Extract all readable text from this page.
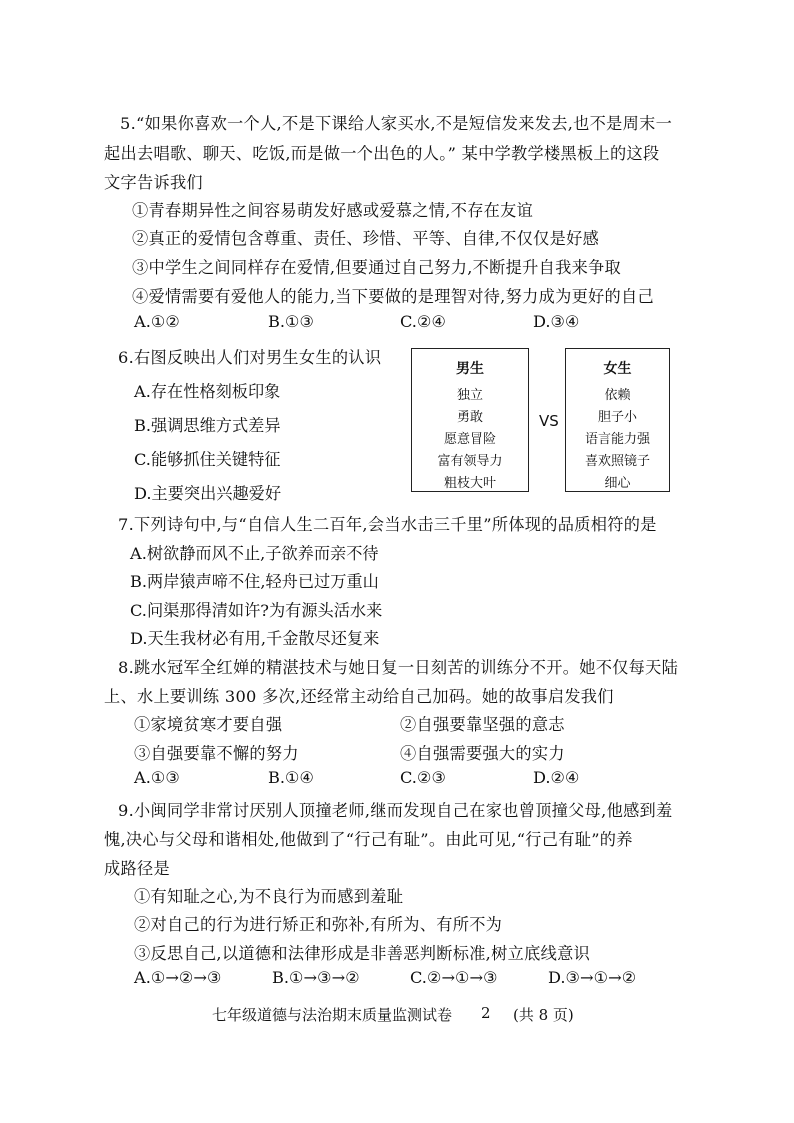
5.“如果你喜欢一个人,不是下课给人家买水,不是短信发来发去,也不是周末一
起出去唱歌、聊天、吃饭,而是做一个出色的人。” 某中学教学楼黑板上的这段
文字告诉我们
①青春期异性之间容易萌发好感或爱慕之情,不存在友谊
②真正的爱情包含尊重、责任、珍惜、平等、自律,不仅仅是好感
③中学生之间同样存在爱情,但要通过自己努力,不断提升自我来争取
④爱情需要有爱他人的能力,当下要做的是理智对待,努力成为更好的自己
A.①②	B.①③	C.②④	D.③④
6.右图反映出人们对男生女生的认识
A.存在性格刻板印象
B.强调思维方式差异
C.能够抓住关键特征
D.主要突出兴趣爱好
男生
独立
勇敢
愿意冒险
富有领导力
粗枝大叶
VS
女生
依赖
胆子小
语言能力强
喜欢照镜子
细心
7.下列诗句中,与“自信人生二百年,会当水击三千里”所体现的品质相符的是
A.树欲静而风不止,子欲养而亲不待
B.两岸猿声啼不住,轻舟已过万重山
C.问渠那得清如许?为有源头活水来
D.天生我材必有用,千金散尽还复来
8.跳水冠军全红婵的精湛技术与她日复一日刻苦的训练分不开。她不仅每天陆
上、水上要训练 300 多次,还经常主动给自己加码。她的故事启发我们
①家境贫寒才要自强	②自强要靠坚强的意志
③自强要靠不懈的努力	④自强需要强大的实力
A.①③	B.①④	C.②③	D.②④
9.小闽同学非常讨厌别人顶撞老师,继而发现自己在家也曾顶撞父母,他感到羞
愧,决心与父母和谐相处,他做到了“行己有耻”。由此可见,“行己有耻”的养
成路径是
①有知耻之心,为不良行为而感到羞耻
②对自己的行为进行矫正和弥补,有所为、有所不为
③反思自己,以道德和法律形成是非善恶判断标准,树立底线意识
A.①→②→③	B.①→③→②	C.②→①→③	D.③→①→②
七年级道德与法治期末质量监测试卷 2 (共 8 页)
